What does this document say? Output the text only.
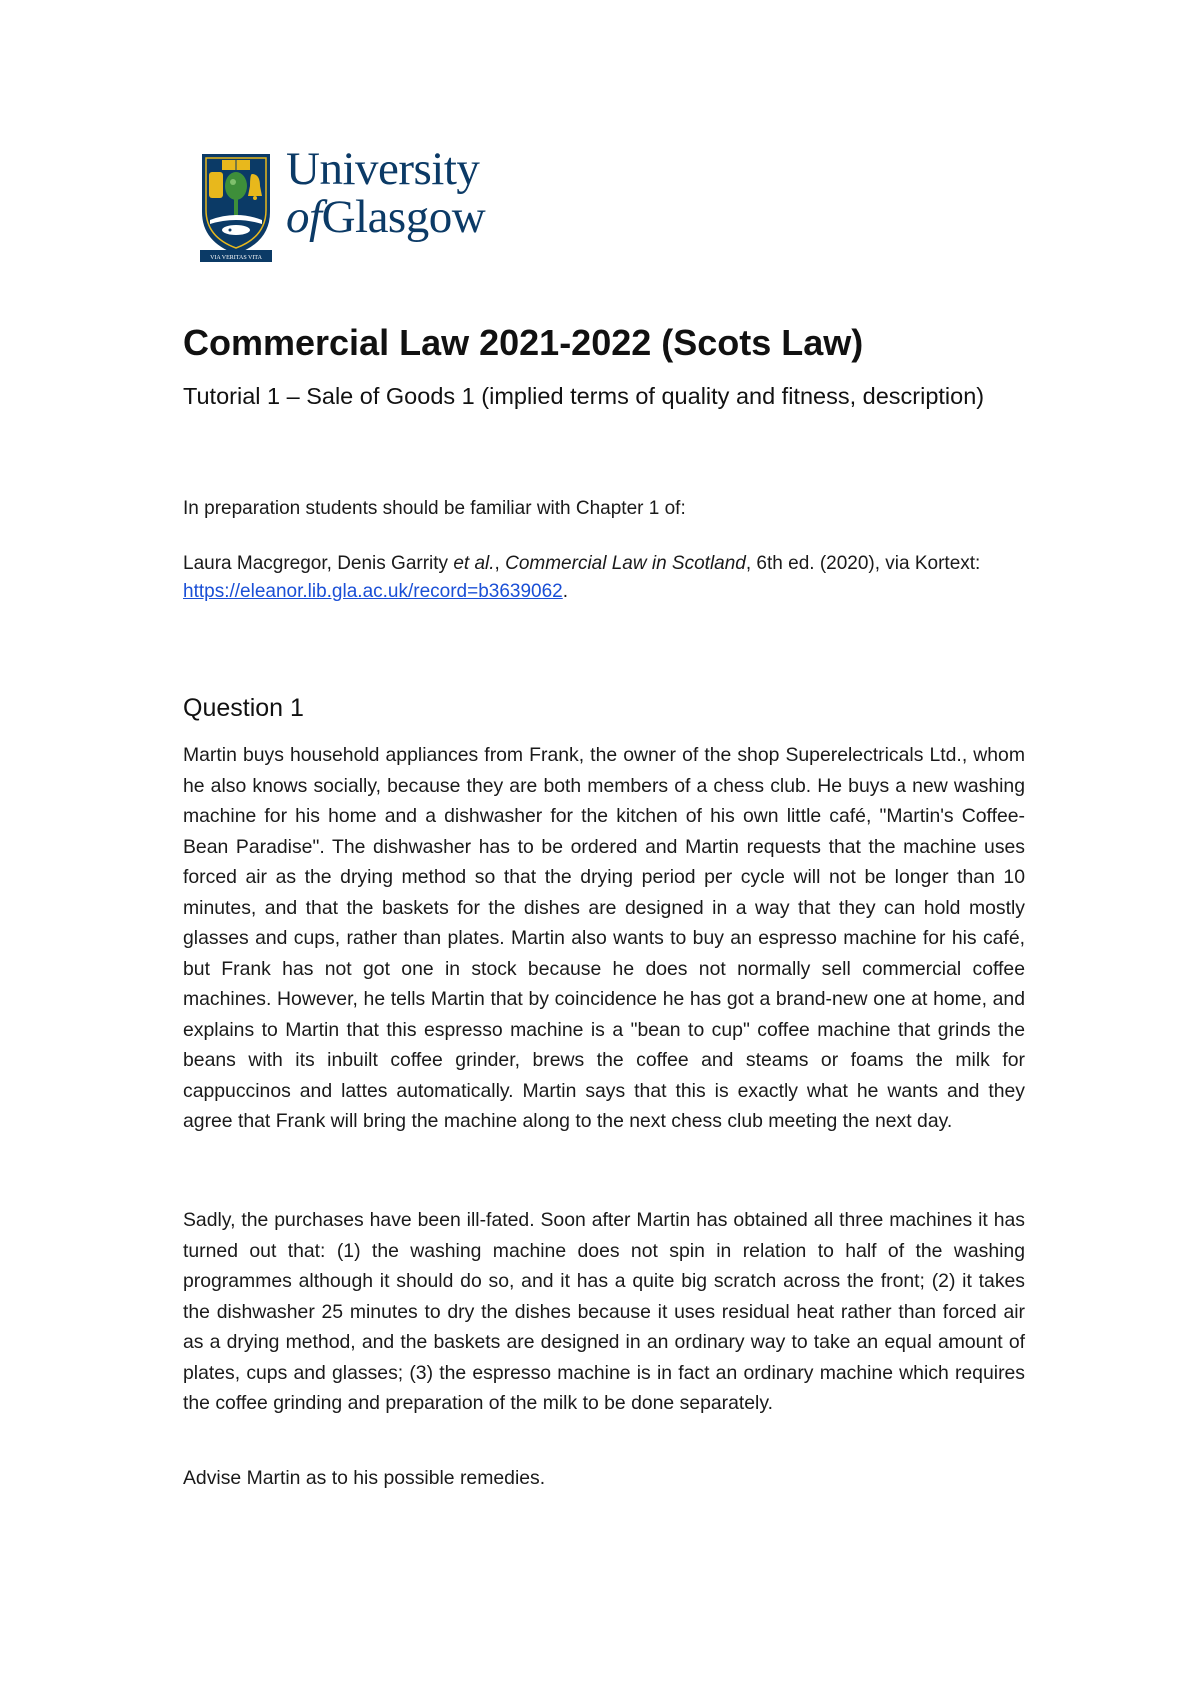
VIA VERITAS VITA
University
ofGlasgow
Commercial Law 2021-2022 (Scots Law)

Tutorial 1 – Sale of Goods 1 (implied terms of quality and fitness, description)

In preparation students should be familiar with Chapter 1 of:

Laura Macgregor, Denis Garrity et al., Commercial Law in Scotland, 6th ed. (2020), via Kortext: https://eleanor.lib.gla.ac.uk/record=b3639062.

Question 1

Martin buys household appliances from Frank, the owner of the shop Superelectricals Ltd., whom he also knows socially, because they are both members of a chess club. He buys a new washing machine for his home and a dishwasher for the kitchen of his own little café, "Martin's Coffee-Bean Paradise". The dishwasher has to be ordered and Martin requests that the machine uses forced air as the drying method so that the drying period per cycle will not be longer than 10 minutes, and that the baskets for the dishes are designed in a way that they can hold mostly glasses and cups, rather than plates. Martin also wants to buy an espresso machine for his café, but Frank has not got one in stock because he does not normally sell commercial coffee machines. However, he tells Martin that by coincidence he has got a brand-new one at home, and explains to Martin that this espresso machine is a "bean to cup" coffee machine that grinds the beans with its inbuilt coffee grinder, brews the coffee and steams or foams the milk for cappuccinos and lattes automatically. Martin says that this is exactly what he wants and they agree that Frank will bring the machine along to the next chess club meeting the next day.

Sadly, the purchases have been ill-fated. Soon after Martin has obtained all three machines it has turned out that: (1) the washing machine does not spin in relation to half of the washing programmes although it should do so, and it has a quite big scratch across the front; (2) it takes the dishwasher 25 minutes to dry the dishes because it uses residual heat rather than forced air as a drying method, and the baskets are designed in an ordinary way to take an equal amount of plates, cups and glasses; (3) the espresso machine is in fact an ordinary machine which requires the coffee grinding and preparation of the milk to be done separately.

Advise Martin as to his possible remedies.
